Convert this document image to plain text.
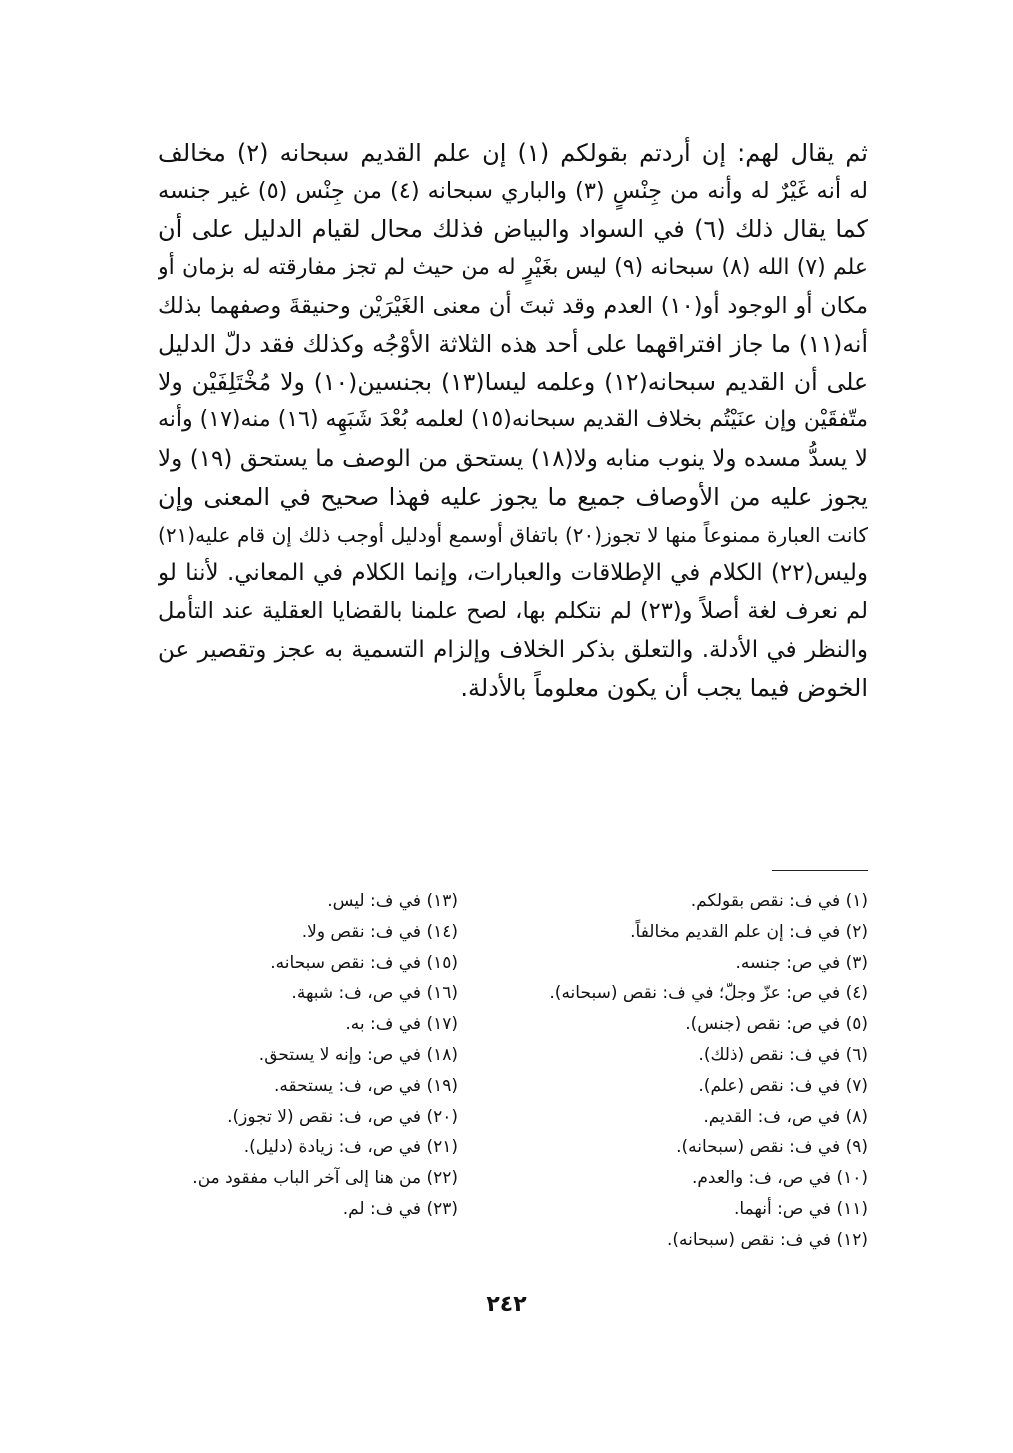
ثم يقال لهم: إن أردتم بقولكم (١) إن علم القديم سبحانه (٢) مخالف
له أنه غَيْرٌ له وأنه من جِنْسٍ (٣) والباري سبحانه (٤) من جِنْس (٥) غير جنسه
كما يقال ذلك (٦) في السواد والبياض فذلك محال لقيام الدليل على أن
علم (٧) الله (٨) سبحانه (٩) ليس بغَيْرٍ له من حيث لم تجز مفارقته له بزمان أو
مكان أو الوجود أو(١٠) العدم وقد ثبتَ أن معنى الغَيْرَيْن وحنيقةَ وصفهما بذلك
أنه(١١) ما جاز افتراقهما على أحد هذه الثلاثة الأوْجُه وكذلك فقد دلّ الدليل
على أن القديم سبحانه(١٢) وعلمه ليسا(١٣) بجنسين(١٠) ولا مُخْتَلِفَيْن ولا
متّفقَيْن وإن عنَيْتُم بخلاف القديم سبحانه(١٥) لعلمه بُعْدَ شَبَهِه (١٦) منه(١٧) وأنه
لا يسدُّ مسده ولا ينوب منابه ولا(١٨) يستحق من الوصف ما يستحق (١٩) ولا
يجوز عليه من الأوصاف جميع ما يجوز عليه فهذا صحيح في المعنى وإن
كانت العبارة ممنوعاً منها لا تجوز(٢٠) باتفاق أوسمع أودليل أوجب ذلك إن قام عليه(٢١)
وليس(٢٢) الكلام في الإطلاقات والعبارات، وإنما الكلام في المعاني. لأننا لو
لم نعرف لغة أصلاً و(٢٣) لم نتكلم بها، لصح علمنا بالقضايا العقلية عند التأمل
والنظر في الأدلة. والتعلق بذكر الخلاف وإلزام التسمية به عجز وتقصير عن
الخوض فيما يجب أن يكون معلوماً بالأدلة.
(١) في ف: نقص بقولكم.
(٢) في ف: إن علم القديم مخالفاً.
(٣) في ص: جنسه.
(٤) في ص: عزّ وجلّ؛ في ف: نقص (سبحانه).
(٥) في ص: نقص (جنس).
(٦) في ف: نقص (ذلك).
(٧) في ف: نقص (علم).
(٨) في ص، ف: القديم.
(٩) في ف: نقص (سبحانه).
(١٠) في ص، ف: والعدم.
(١١) في ص: أنهما.
(١٢) في ف: نقص (سبحانه).
(١٣) في ف: ليس.
(١٤) في ف: نقص ولا.
(١٥) في ف: نقص سبحانه.
(١٦) في ص، ف: شبهة.
(١٧) في ف: به.
(١٨) في ص: وإنه لا يستحق.
(١٩) في ص، ف: يستحقه.
(٢٠) في ص، ف: نقص (لا تجوز).
(٢١) في ص، ف: زيادة (دليل).
(٢٢) من هنا إلى آخر الباب مفقود من.
(٢٣) في ف: لم.
٢٤٢
